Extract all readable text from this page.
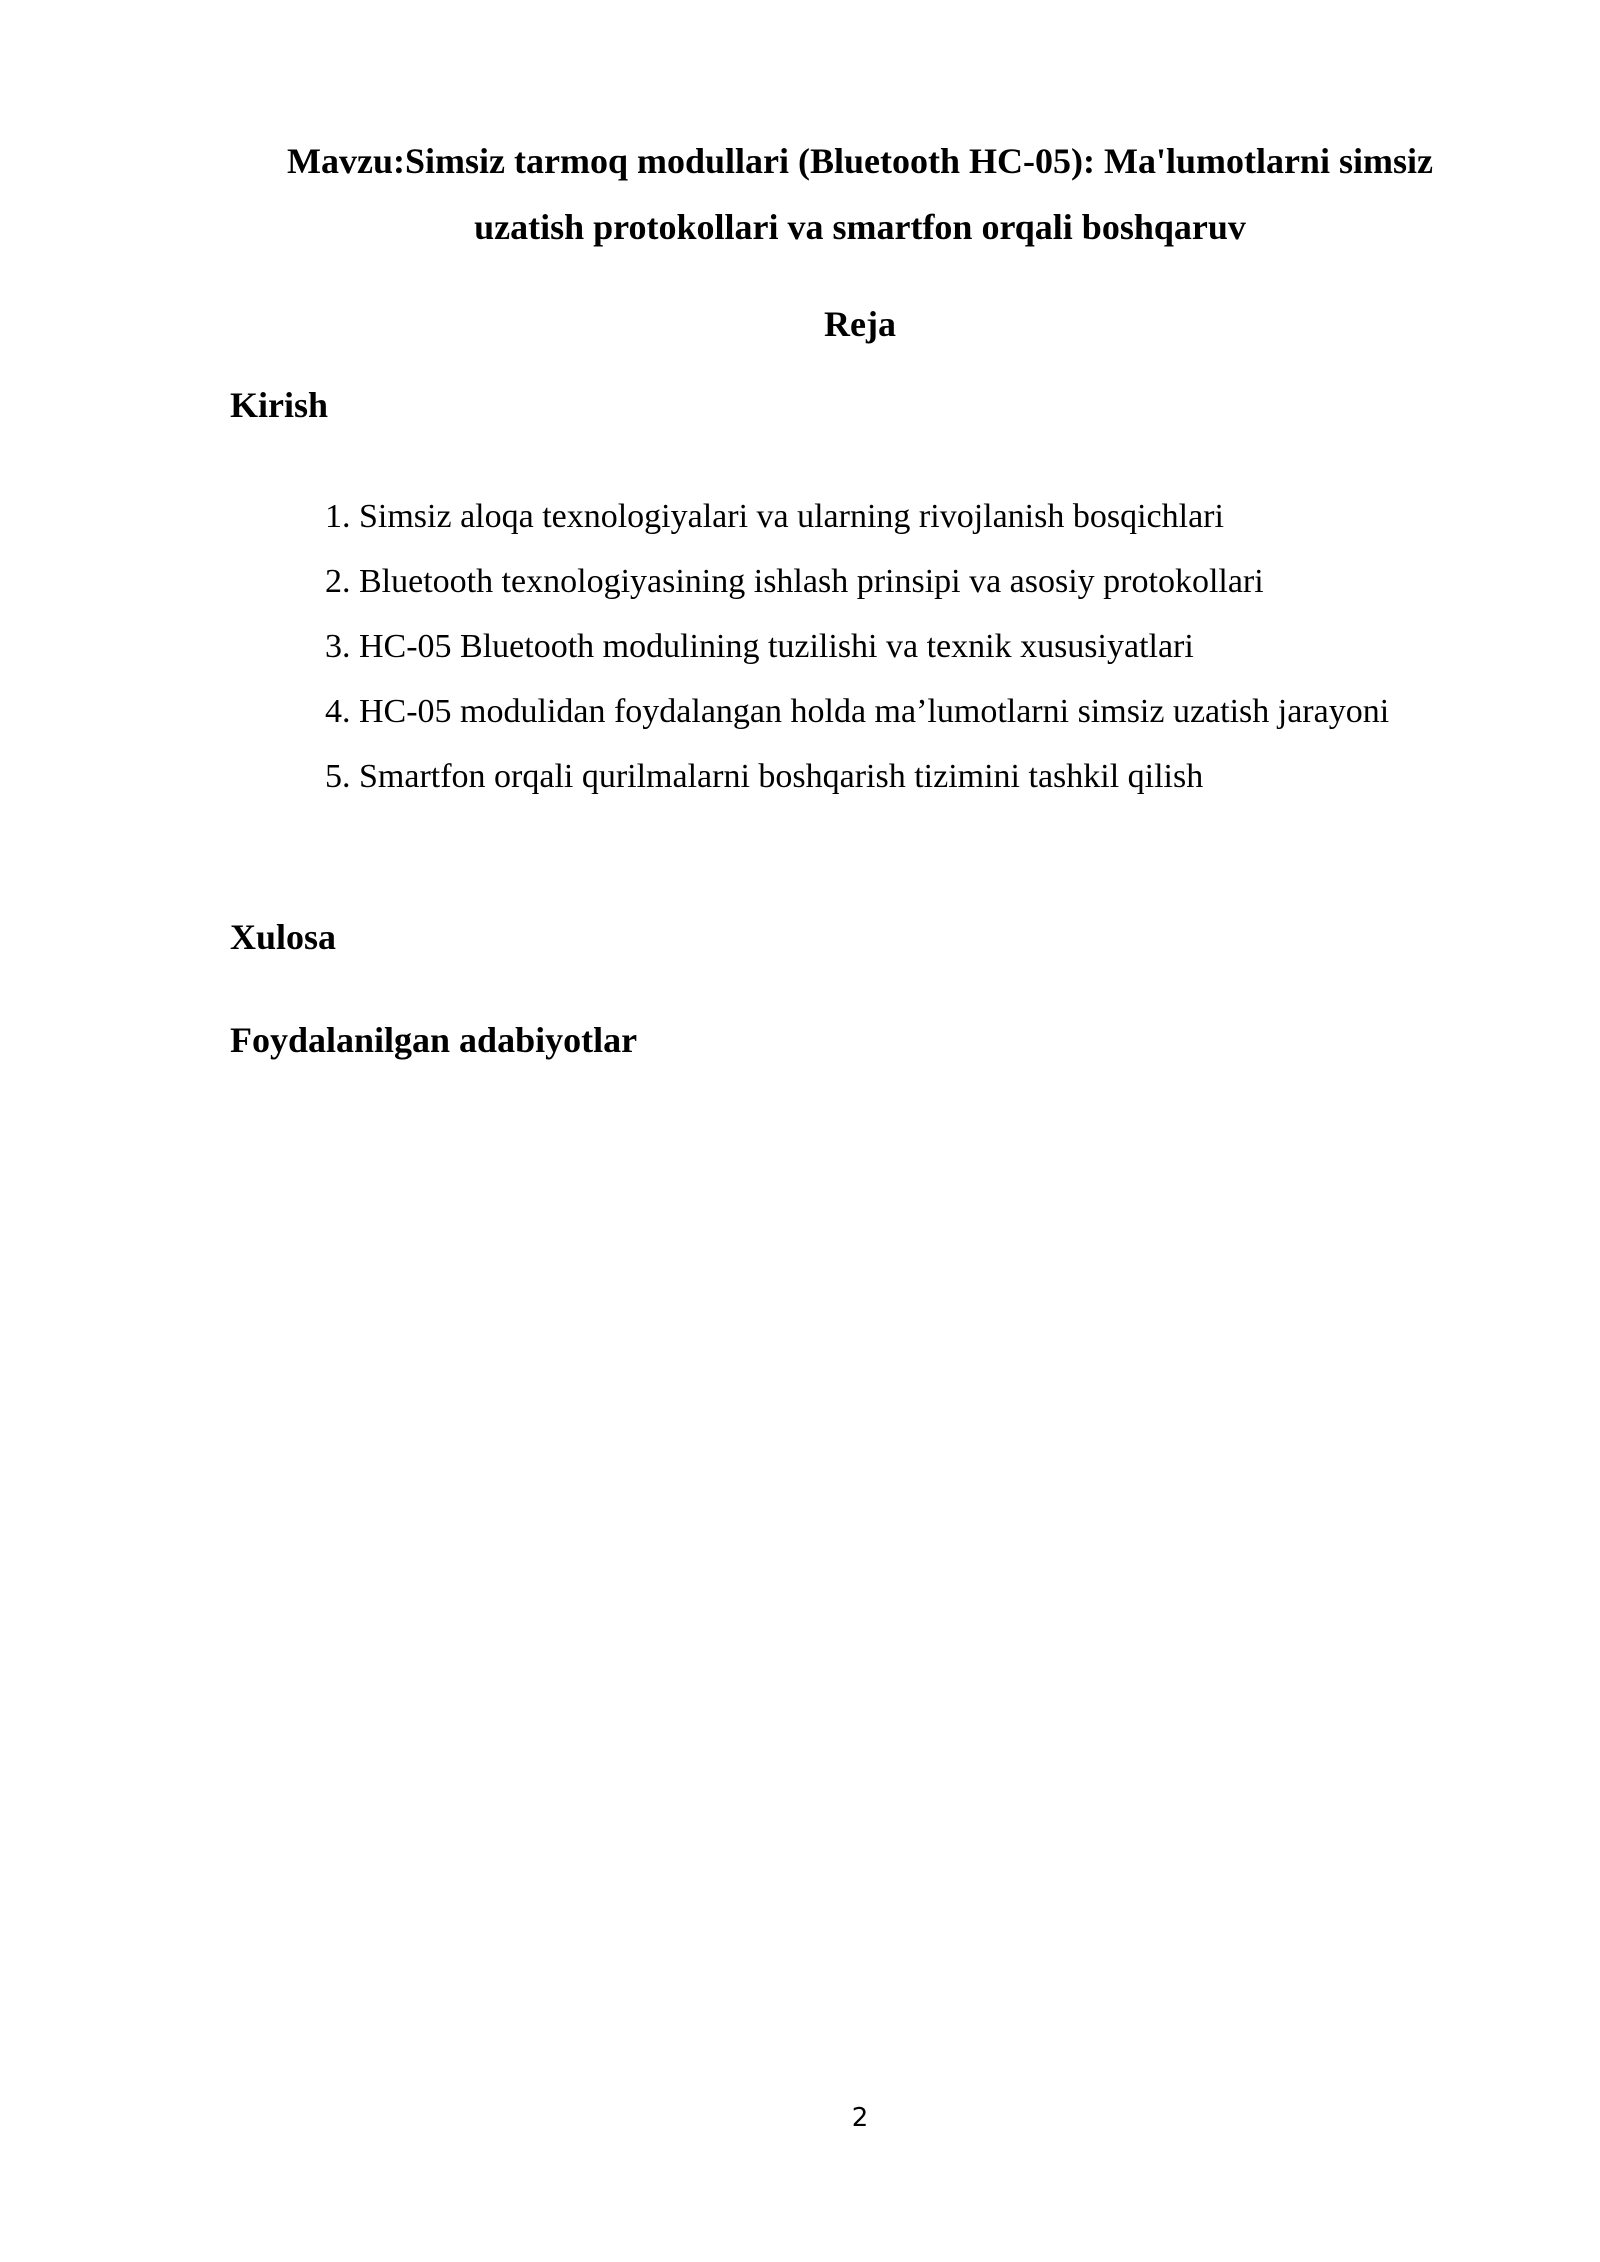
Mavzu:Simsiz tarmoq modullari (Bluetooth HC-05): Ma'lumotlarni simsiz
uzatish protokollari va smartfon orqali boshqaruv
Reja
Kirish
1. Simsiz aloqa texnologiyalari va ularning rivojlanish bosqichlari
2. Bluetooth texnologiyasining ishlash prinsipi va asosiy protokollari
3. HC-05 Bluetooth modulining tuzilishi va texnik xususiyatlari
4. HC-05 modulidan foydalangan holda ma’lumotlarni simsiz uzatish jarayoni
5. Smartfon orqali qurilmalarni boshqarish tizimini tashkil qilish
Xulosa
Foydalanilgan adabiyotlar
2
